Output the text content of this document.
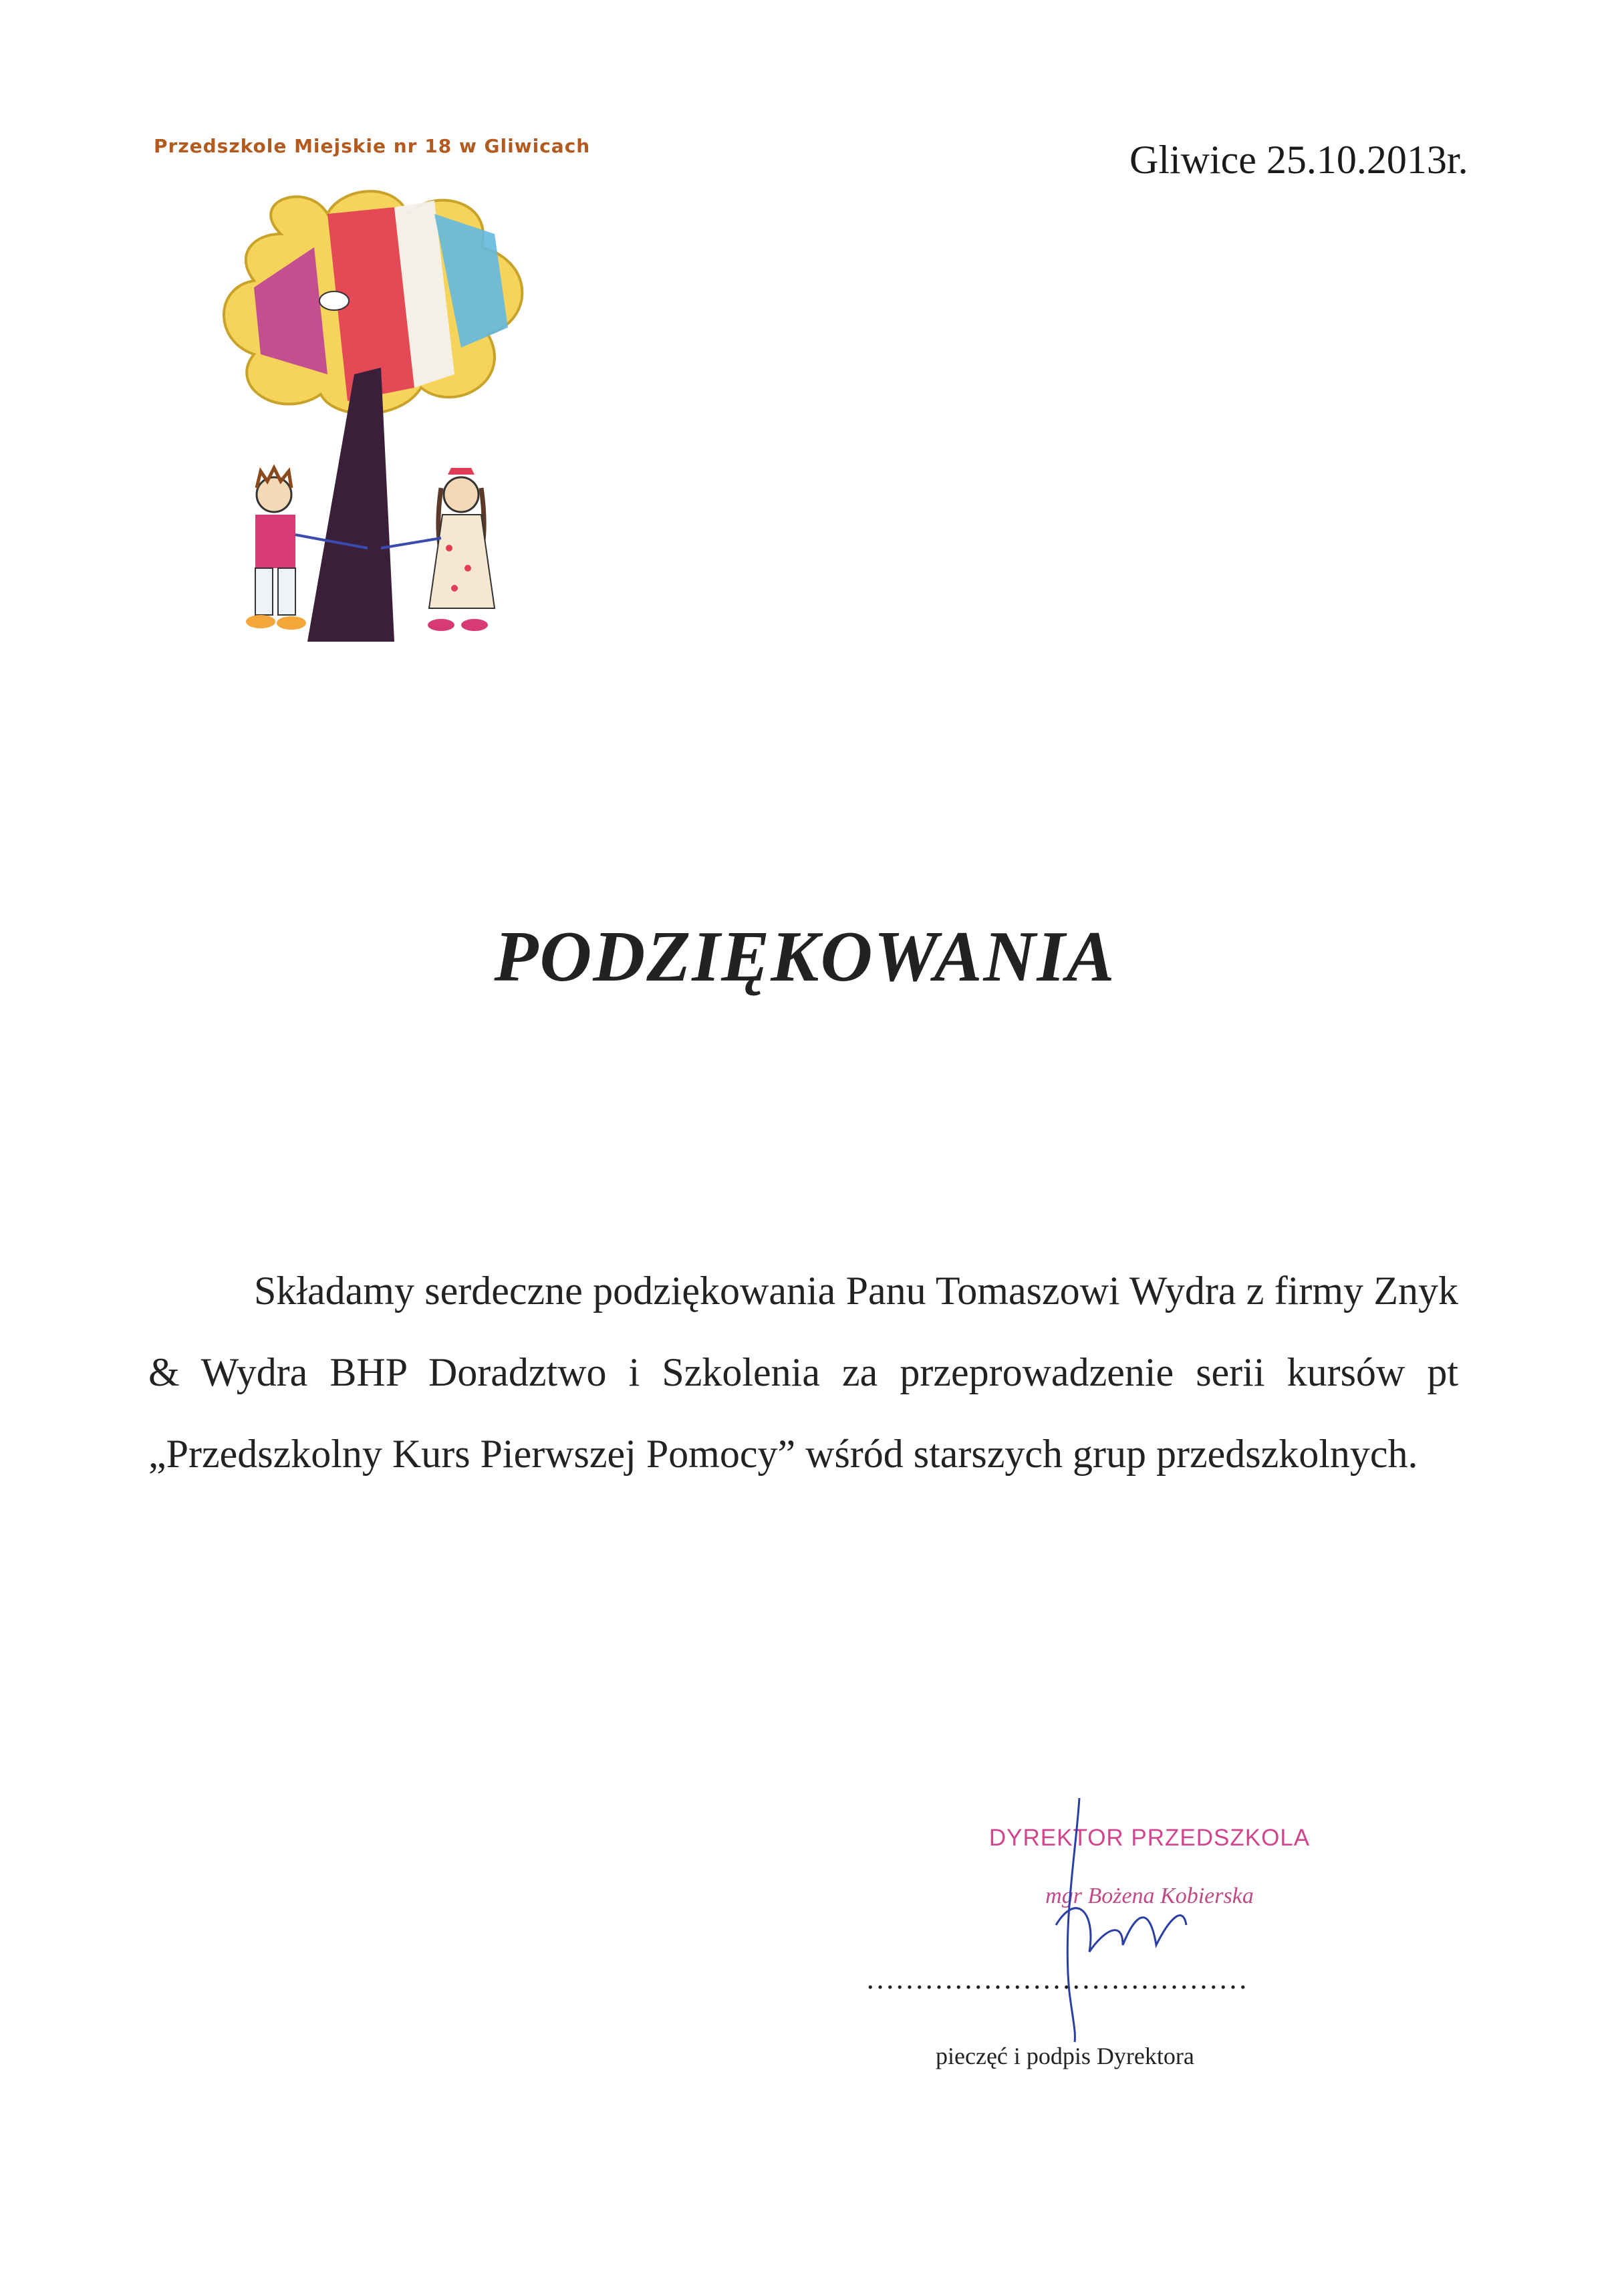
Przedszkole Miejskie nr 18 w Gliwicach	Gliwice 25.10.2013r.
PODZIĘKOWANIA
Składamy serdeczne podziękowania Panu Tomaszowi Wydra z firmy Znyk & Wydra BHP Doradztwo i Szkolenia za przeprowadzenie serii kursów pt „Przedszkolny Kurs Pierwszej Pomocy” wśród starszych grup przedszkolnych.
DYREKTOR PRZEDSZKOLA
mgr Bożena Kobierska
…………………………………
pieczęć i podpis Dyrektora
